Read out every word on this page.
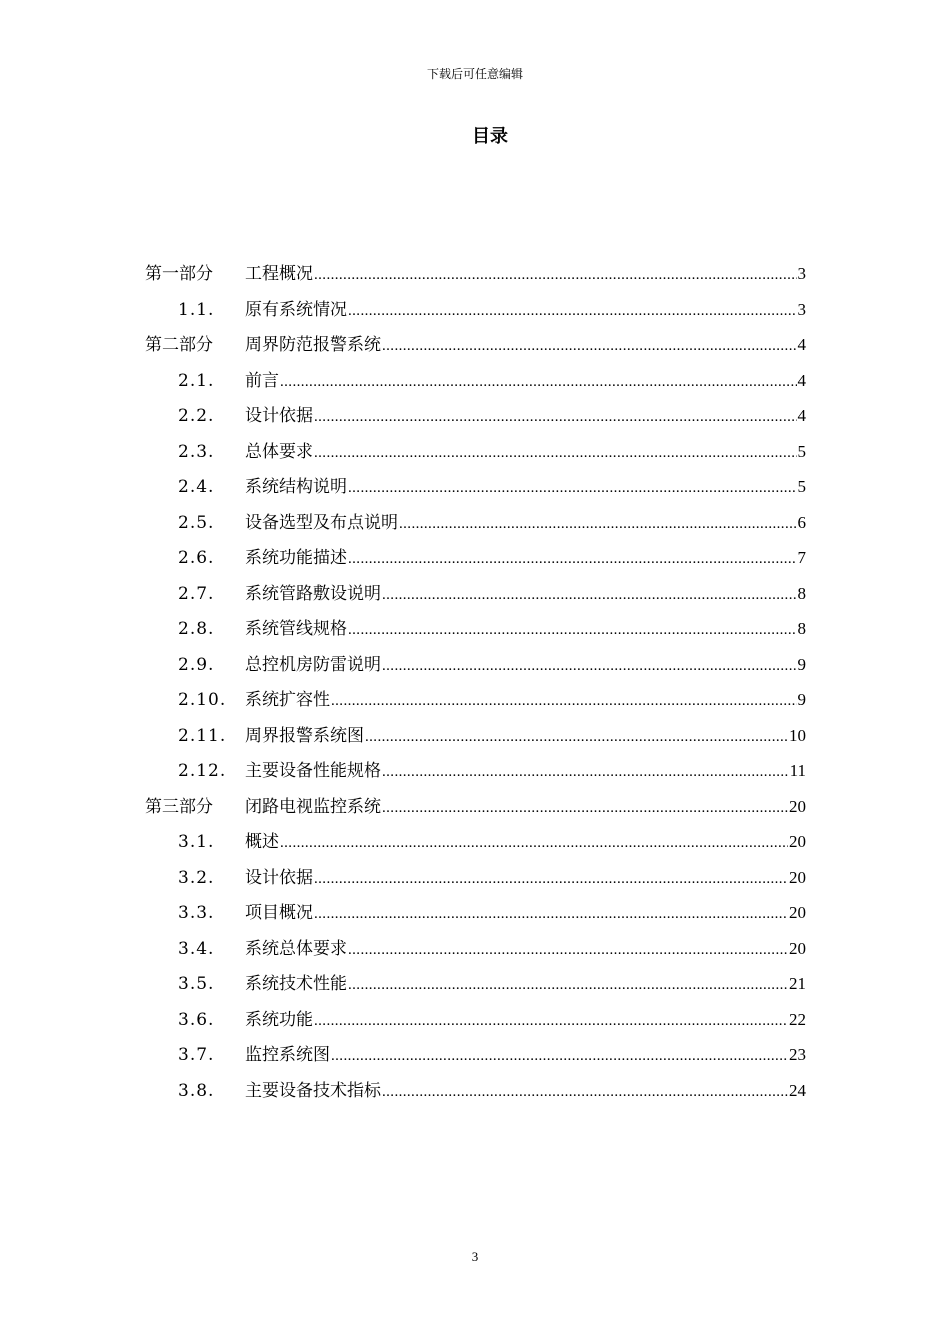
下载后可任意编辑
目录
第一部分 工程概况 .....	3
1.1. 原有系统情况 .....	3
第二部分 周界防范报警系统 .....	4
2.1. 前言 .....	4
2.2. 设计依据 .....	4
2.3. 总体要求 .....	5
2.4. 系统结构说明 .....	5
2.5. 设备选型及布点说明 .....	6
2.6. 系统功能描述 .....	7
2.7. 系统管路敷设说明 .....	8
2.8. 系统管线规格 .....	8
2.9. 总控机房防雷说明 .....	9
2.10. 系统扩容性 .....	9
2.11. 周界报警系统图 .....	10
2.12. 主要设备性能规格 .....	11
第三部分 闭路电视监控系统 .....	20
3.1. 概述 .....	20
3.2. 设计依据 .....	20
3.3. 项目概况 .....	20
3.4. 系统总体要求 .....	20
3.5. 系统技术性能 .....	21
3.6. 系统功能 .....	22
3.7. 监控系统图 .....	23
3.8. 主要设备技术指标 .....	24
3
